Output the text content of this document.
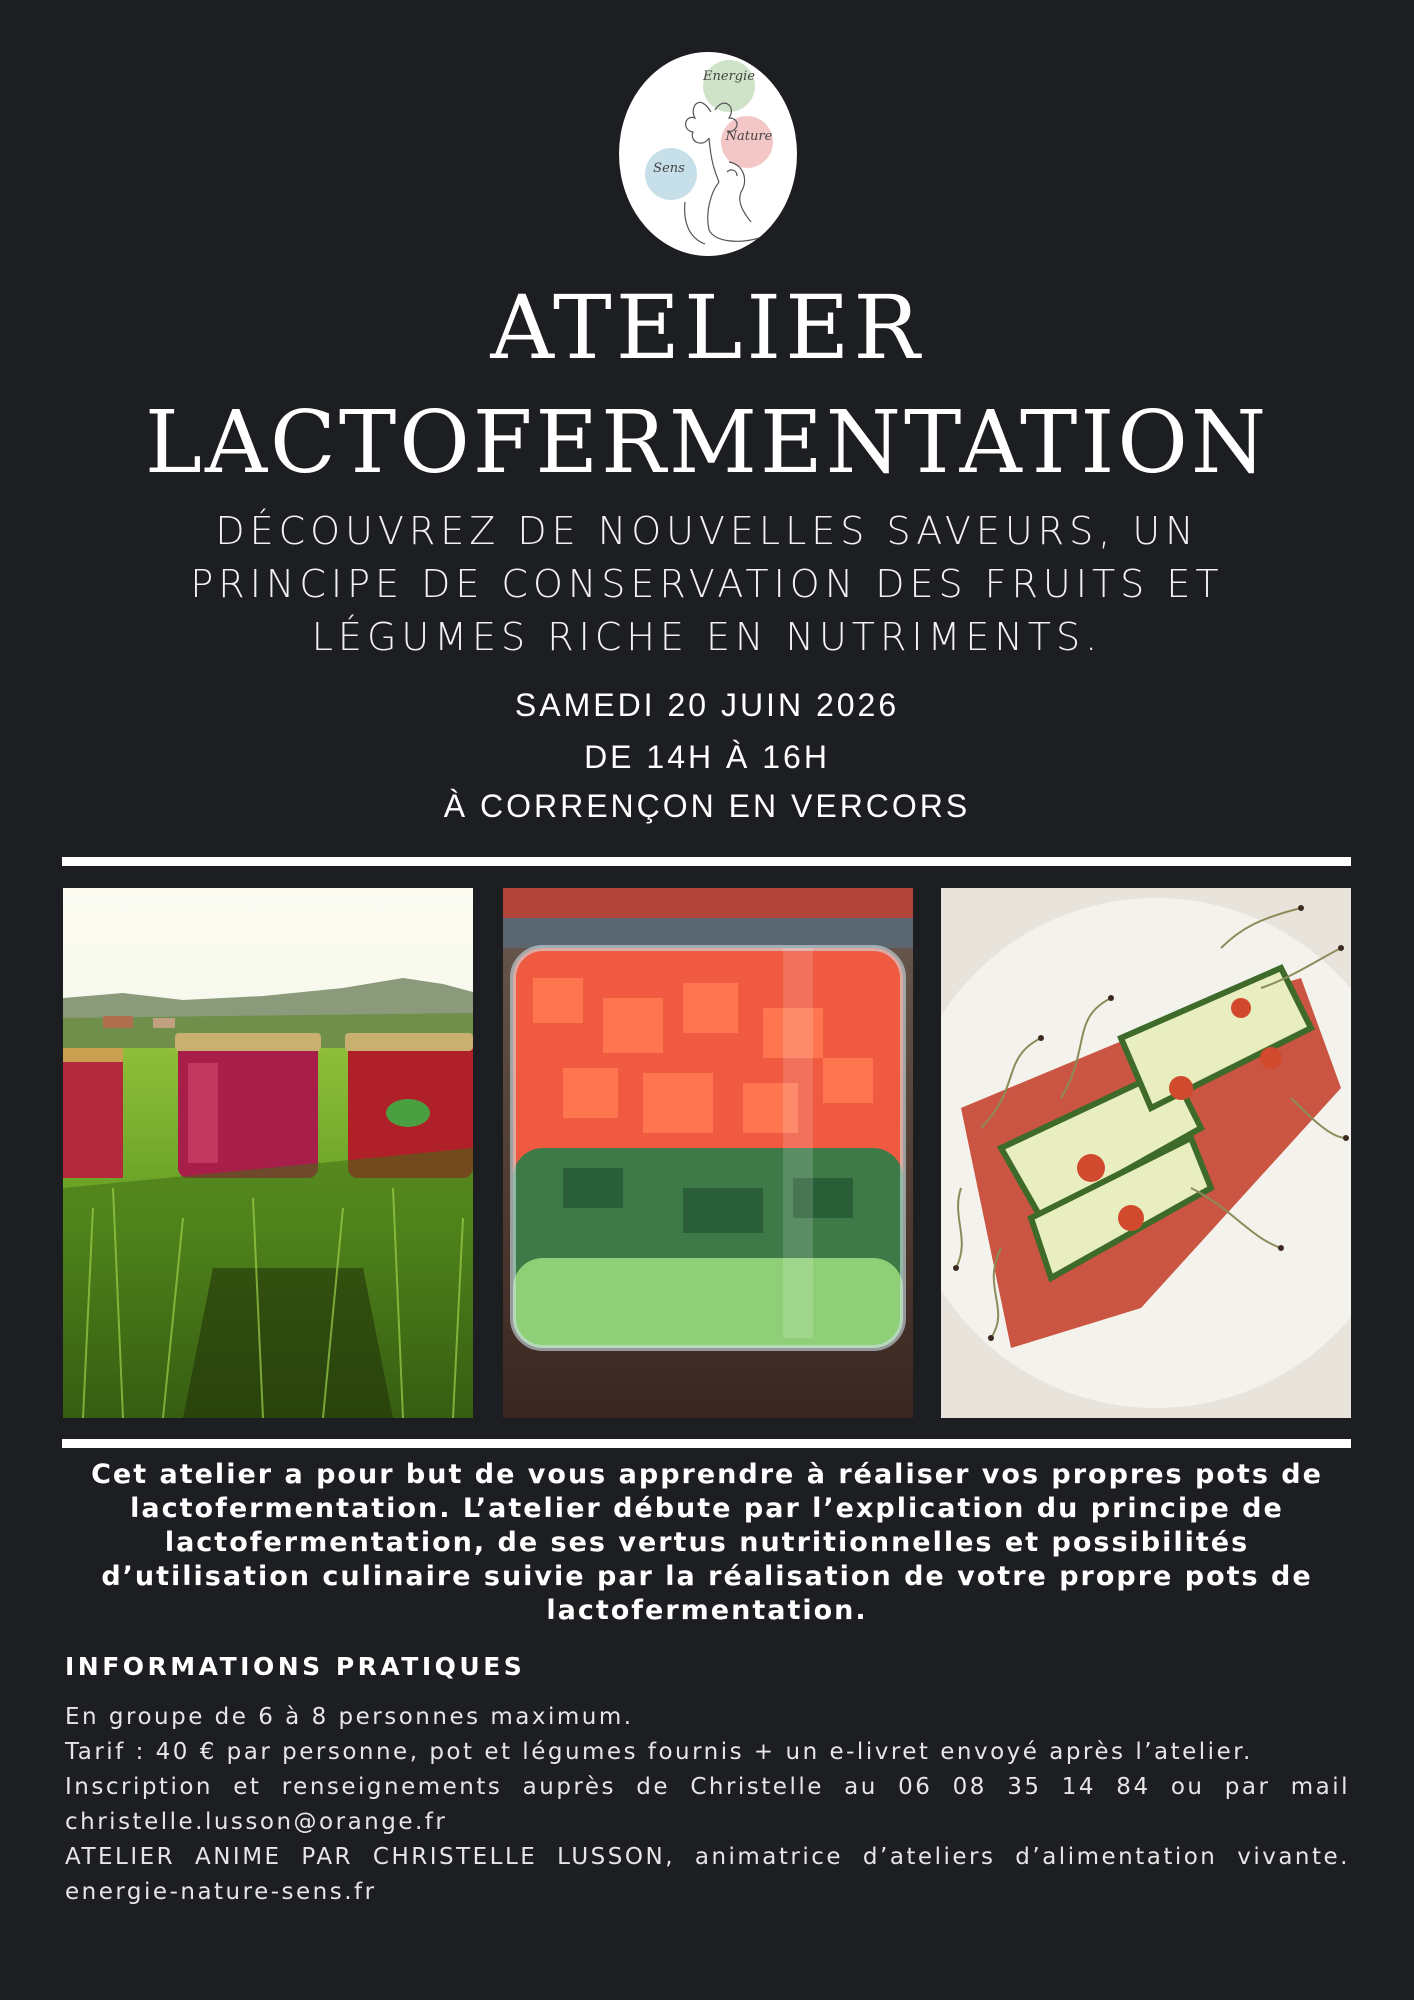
Energie
Nature
Sens
ATELIER
LACTOFERMENTATION
DÉCOUVREZ DE NOUVELLES SAVEURS, UN
PRINCIPE DE CONSERVATION DES FRUITS ET
LÉGUMES RICHE EN NUTRIMENTS.
SAMEDI 20 JUIN 2026
DE 14H À 16H
À CORRENÇON EN VERCORS

Cet atelier a pour but de vous apprendre à réaliser vos propres pots de lactofermentation. L’atelier débute par l’explication du principe de lactofermentation, de ses vertus nutritionnelles et possibilités d’utilisation culinaire suivie par la réalisation de votre propre pots de lactofermentation.

INFORMATIONS PRATIQUES

En groupe de 6 à 8 personnes maximum.

Tarif : 40 € par personne, pot et légumes fournis + un e-livret envoyé après l’atelier.

Inscription et renseignements auprès de Christelle au 06 08 35 14 84 ou par mail christelle.lusson@orange.fr

ATELIER ANIME PAR CHRISTELLE LUSSON, animatrice d’ateliers d’alimentation vivante. energie-nature-sens.fr
